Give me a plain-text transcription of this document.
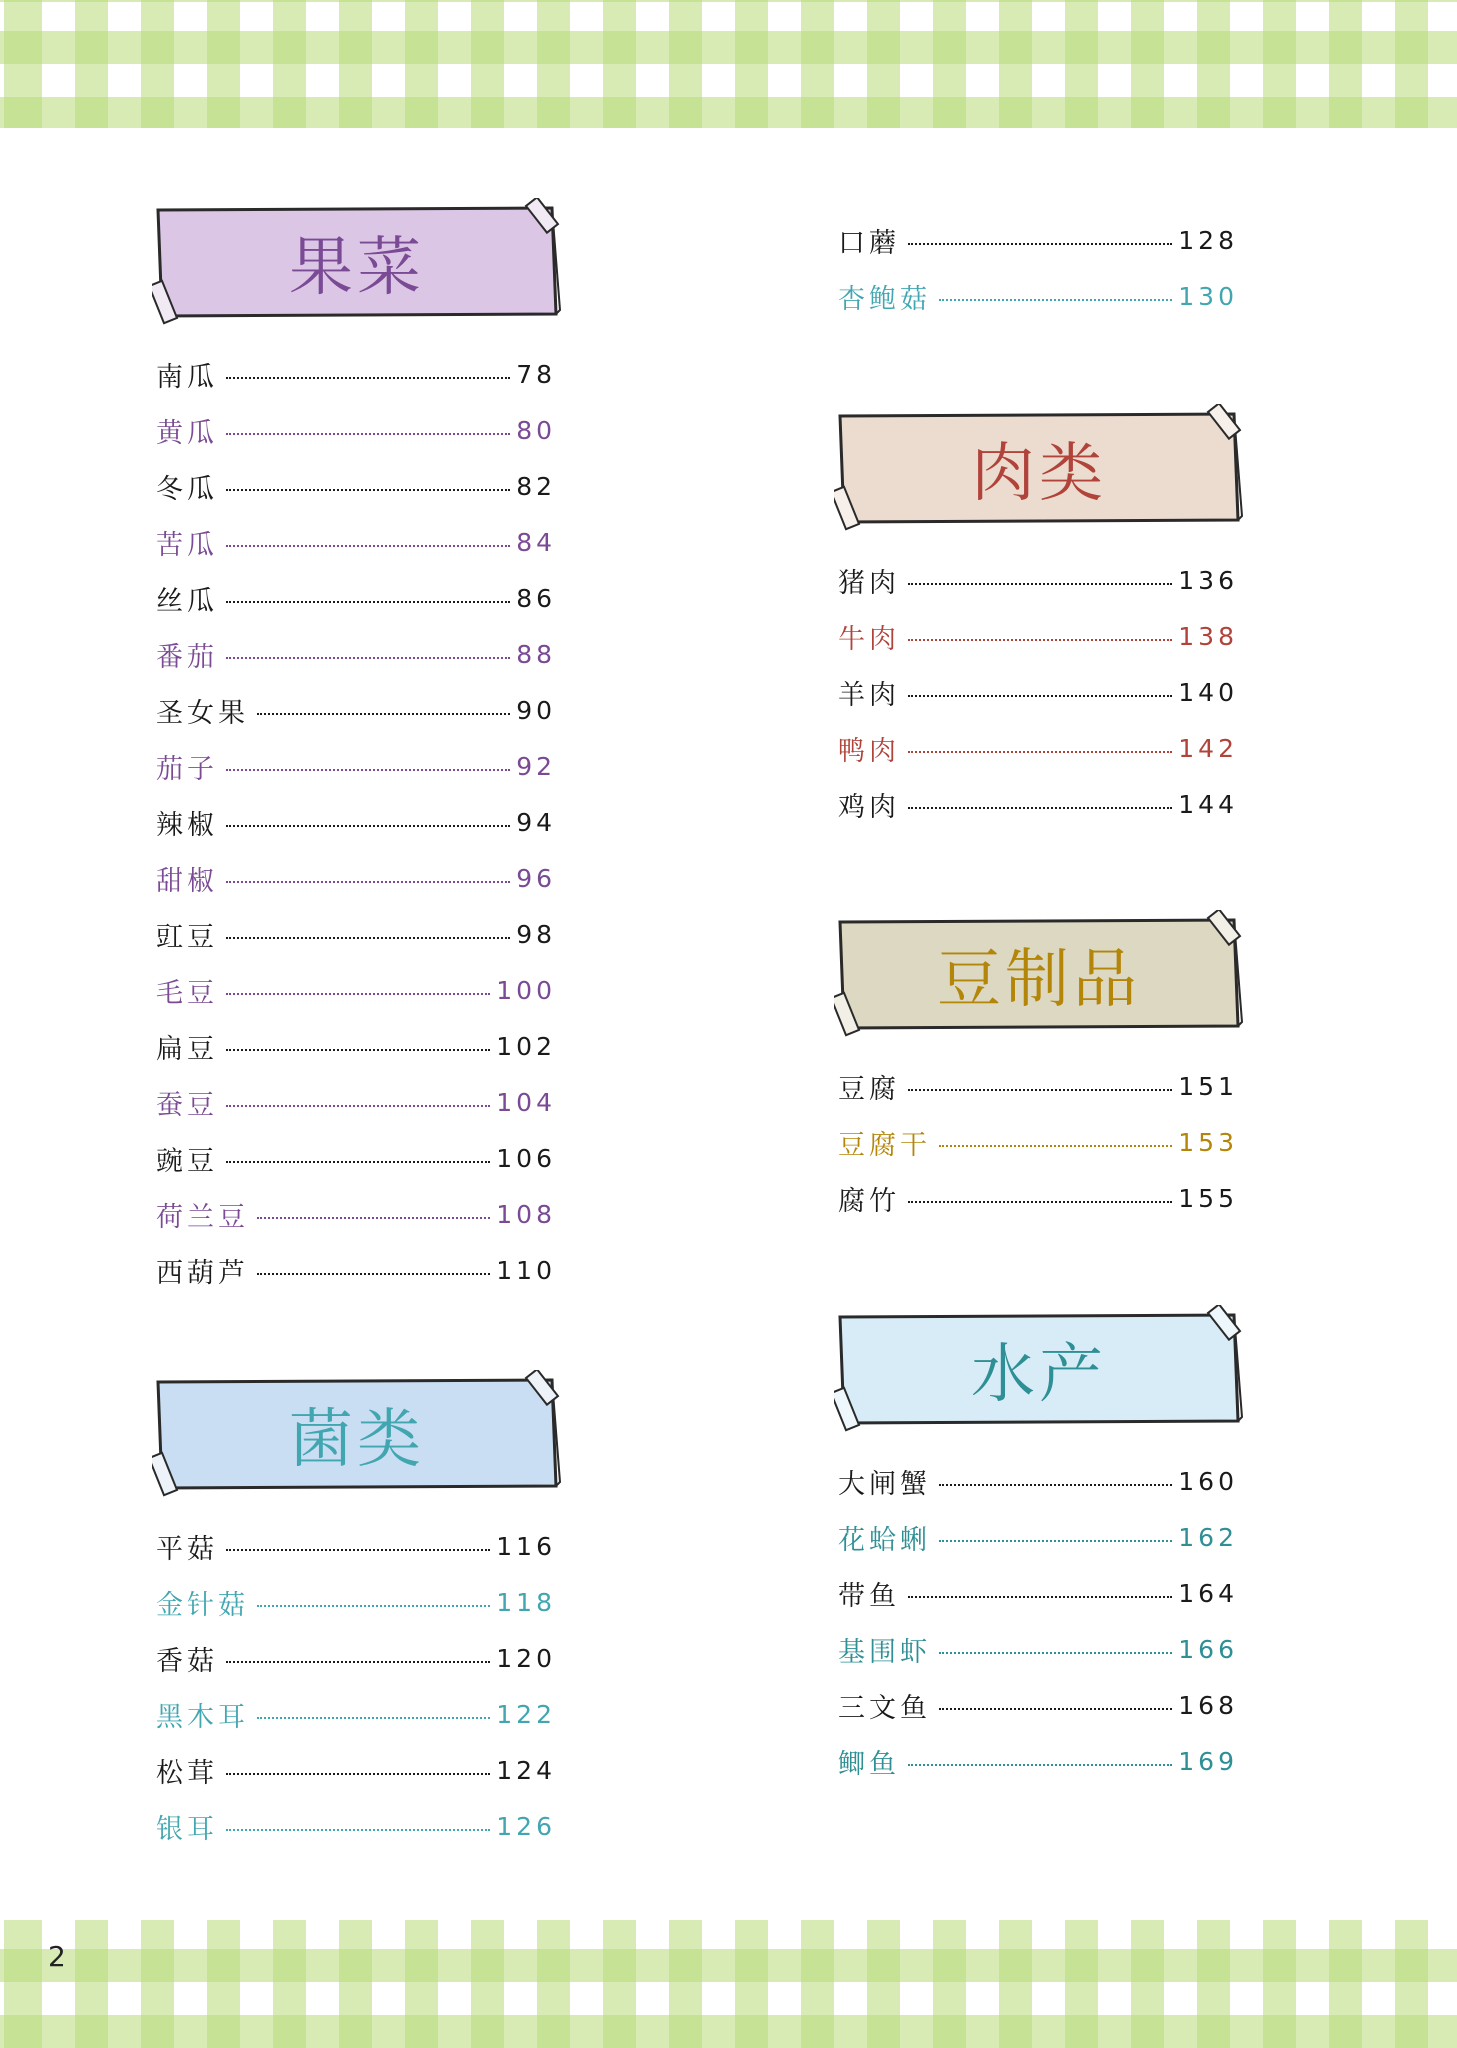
果菜
南瓜	78
黄瓜	80
冬瓜	82
苦瓜	84
丝瓜	86
番茄	88
圣女果	90
茄子	92
辣椒	94
甜椒	96
豇豆	98
毛豆	100
扁豆	102
蚕豆	104
豌豆	106
荷兰豆	108
西葫芦	110
菌类
平菇	116
金针菇	118
香菇	120
黑木耳	122
松茸	124
银耳	126
口蘑	128
杏鲍菇	130
肉类
猪肉	136
牛肉	138
羊肉	140
鸭肉	142
鸡肉	144
豆制品
豆腐	151
豆腐干	153
腐竹	155
水产
大闸蟹	160
花蛤蜊	162
带鱼	164
基围虾	166
三文鱼	168
鲫鱼	169
2
